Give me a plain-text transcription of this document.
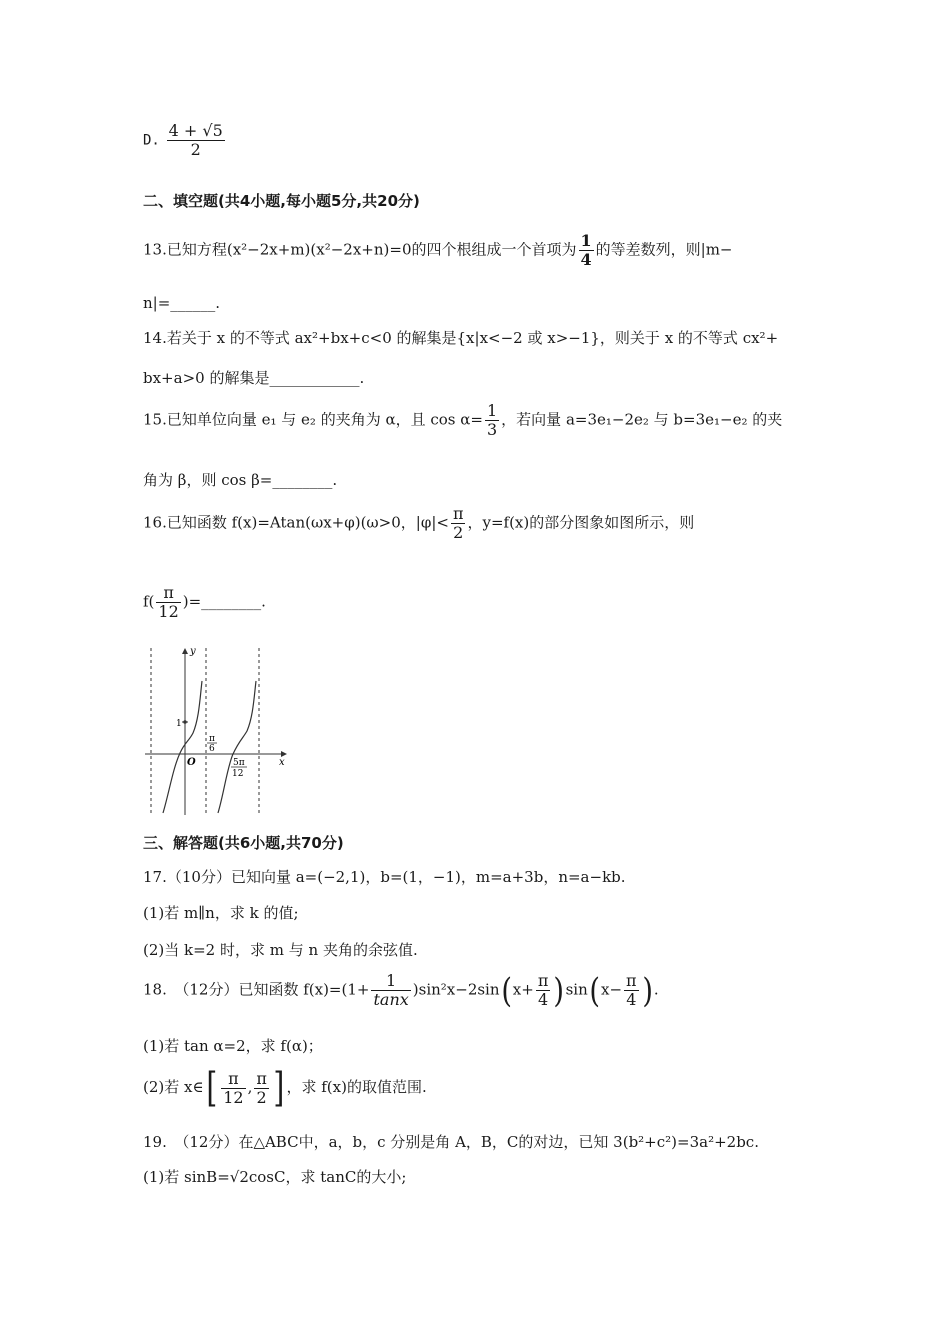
D. $\frac{4 + √5}{2}$
二、填空题(共4小题,每小题5分,共20分)
13.已知方程(x²−2x+m)(x²−2x+n)=0的四个根组成一个首项为 $\frac{1}{4}$ 的等差数列，则|m−
n|=______.
14.若关于 x 的不等式 ax²+bx+c<0 的解集是{x|x<−2 或 x>−1}，则关于 x 的不等式 cx²+
bx+a>0 的解集是____________.
15.已知单位向量 e₁ 与 e₂ 的夹角为 α，且 $\cos \alpha= \frac{1}{3}$ ，若向量 a=3e₁−2e₂ 与 b=3e₁−e₂ 的夹
角为 β，则 cos β=________.
16.已知函数 f(x)=Atan(ωx+φ)(ω>0，$|\varphi|< \frac{\pi}{2}$ ，y=f(x)的部分图象如图所示，则
$f( \frac{\pi}{12}$ )=________.
y
x
O
1
π
6
5π
12
三、解答题(共6小题,共70分)
17.（10分）已知向量 a=(−2,1)，b=(1，−1)，m=a+3b，n=a−kb.
(1)若 m∥n，求 k 的值;
(2)当 k=2 时，求 m 与 n 夹角的余弦值.
18.　（12分）已知函数 $f(x)=(1+ \frac{1}{\tan x} )\sin^2x-2\sin(x+ \frac{\pi}{4} )\sin(x- \frac{\pi}{4}$ ).
(1)若 tan α=2，求 f(α)；
(2)若 x∈[ $\frac{\pi}{12}$ , $\frac{\pi}{2}$ ] ，求 f(x)的取值范围.
19.　（12分）在△ABC中，a，b，c 分别是角 A，B，C的对边，已知 3(b²+c²)=3a²+2bc.
(1)若 sinB=√2cosC，求 tanC的大小;
